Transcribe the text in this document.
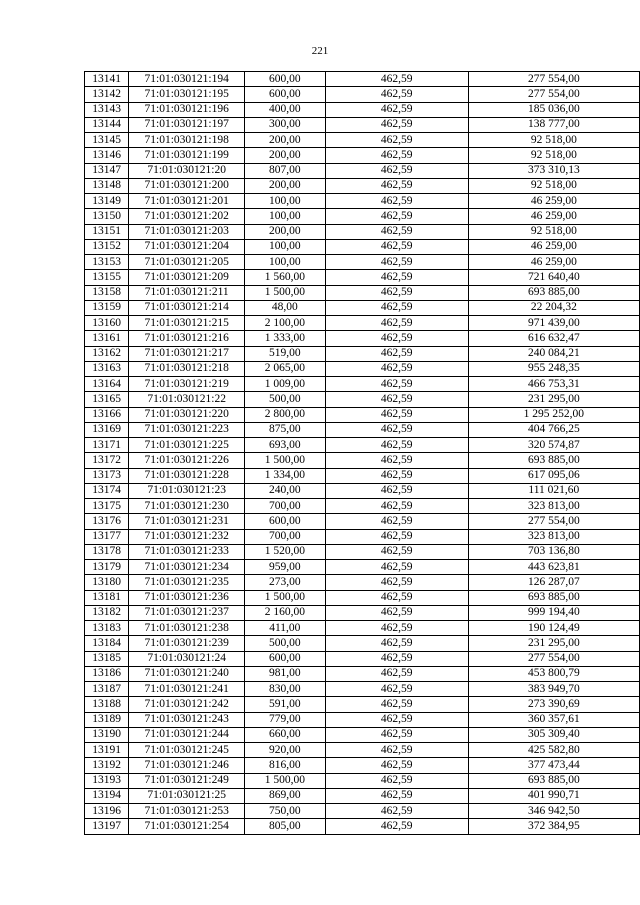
221
13141	71:01:030121:194	600,00	462,59	277 554,00
13142	71:01:030121:195	600,00	462,59	277 554,00
13143	71:01:030121:196	400,00	462,59	185 036,00
13144	71:01:030121:197	300,00	462,59	138 777,00
13145	71:01:030121:198	200,00	462,59	92 518,00
13146	71:01:030121:199	200,00	462,59	92 518,00
13147	71:01:030121:20	807,00	462,59	373 310,13
13148	71:01:030121:200	200,00	462,59	92 518,00
13149	71:01:030121:201	100,00	462,59	46 259,00
13150	71:01:030121:202	100,00	462,59	46 259,00
13151	71:01:030121:203	200,00	462,59	92 518,00
13152	71:01:030121:204	100,00	462,59	46 259,00
13153	71:01:030121:205	100,00	462,59	46 259,00
13155	71:01:030121:209	1 560,00	462,59	721 640,40
13158	71:01:030121:211	1 500,00	462,59	693 885,00
13159	71:01:030121:214	48,00	462,59	22 204,32
13160	71:01:030121:215	2 100,00	462,59	971 439,00
13161	71:01:030121:216	1 333,00	462,59	616 632,47
13162	71:01:030121:217	519,00	462,59	240 084,21
13163	71:01:030121:218	2 065,00	462,59	955 248,35
13164	71:01:030121:219	1 009,00	462,59	466 753,31
13165	71:01:030121:22	500,00	462,59	231 295,00
13166	71:01:030121:220	2 800,00	462,59	1 295 252,00
13169	71:01:030121:223	875,00	462,59	404 766,25
13171	71:01:030121:225	693,00	462,59	320 574,87
13172	71:01:030121:226	1 500,00	462,59	693 885,00
13173	71:01:030121:228	1 334,00	462,59	617 095,06
13174	71:01:030121:23	240,00	462,59	111 021,60
13175	71:01:030121:230	700,00	462,59	323 813,00
13176	71:01:030121:231	600,00	462,59	277 554,00
13177	71:01:030121:232	700,00	462,59	323 813,00
13178	71:01:030121:233	1 520,00	462,59	703 136,80
13179	71:01:030121:234	959,00	462,59	443 623,81
13180	71:01:030121:235	273,00	462,59	126 287,07
13181	71:01:030121:236	1 500,00	462,59	693 885,00
13182	71:01:030121:237	2 160,00	462,59	999 194,40
13183	71:01:030121:238	411,00	462,59	190 124,49
13184	71:01:030121:239	500,00	462,59	231 295,00
13185	71:01:030121:24	600,00	462,59	277 554,00
13186	71:01:030121:240	981,00	462,59	453 800,79
13187	71:01:030121:241	830,00	462,59	383 949,70
13188	71:01:030121:242	591,00	462,59	273 390,69
13189	71:01:030121:243	779,00	462,59	360 357,61
13190	71:01:030121:244	660,00	462,59	305 309,40
13191	71:01:030121:245	920,00	462,59	425 582,80
13192	71:01:030121:246	816,00	462,59	377 473,44
13193	71:01:030121:249	1 500,00	462,59	693 885,00
13194	71:01:030121:25	869,00	462,59	401 990,71
13196	71:01:030121:253	750,00	462,59	346 942,50
13197	71:01:030121:254	805,00	462,59	372 384,95
